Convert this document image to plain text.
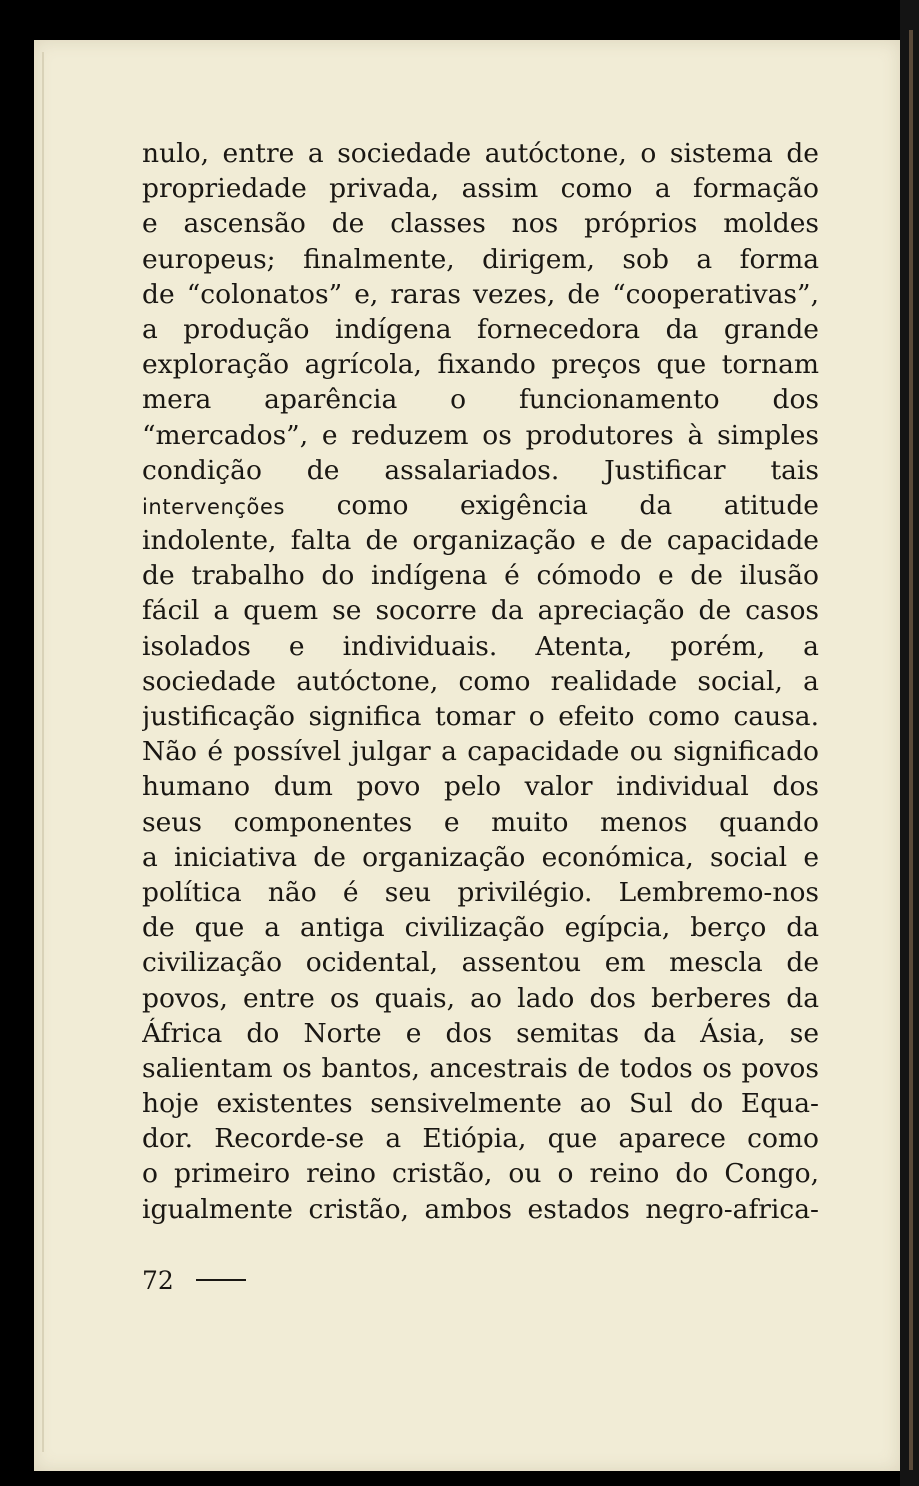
nulo, entre a sociedade autóctone, o sistema de
propriedade privada, assim como a formação
e ascensão de classes nos próprios moldes
europeus; finalmente, dirigem, sob a forma
de “colonatos” e, raras vezes, de “cooperativas”,
a produção indígena fornecedora da grande
exploração agrícola, fixando preços que tornam
mera aparência o funcionamento dos
“mercados”, e reduzem os produtores à simples
condição de assalariados. Justificar tais
intervenções como exigência da atitude
indolente, falta de organização e de capacidade
de trabalho do indígena é cómodo e de ilusão
fácil a quem se socorre da apreciação de casos
isolados e individuais. Atenta, porém, a
sociedade autóctone, como realidade social, a
justificação significa tomar o efeito como causa.
Não é possível julgar a capacidade ou significado
humano dum povo pelo valor individual dos
seus componentes e muito menos quando
a iniciativa de organização económica, social e
política não é seu privilégio. Lembremo-nos
de que a antiga civilização egípcia, berço da
civilização ocidental, assentou em mescla de
povos, entre os quais, ao lado dos berberes da
África do Norte e dos semitas da Ásia, se
salientam os bantos, ancestrais de todos os povos
hoje existentes sensivelmente ao Sul do Equa-
dor. Recorde-se a Etiópia, que aparece como
o primeiro reino cristão, ou o reino do Congo,
igualmente cristão, ambos estados negro-africa-
72
